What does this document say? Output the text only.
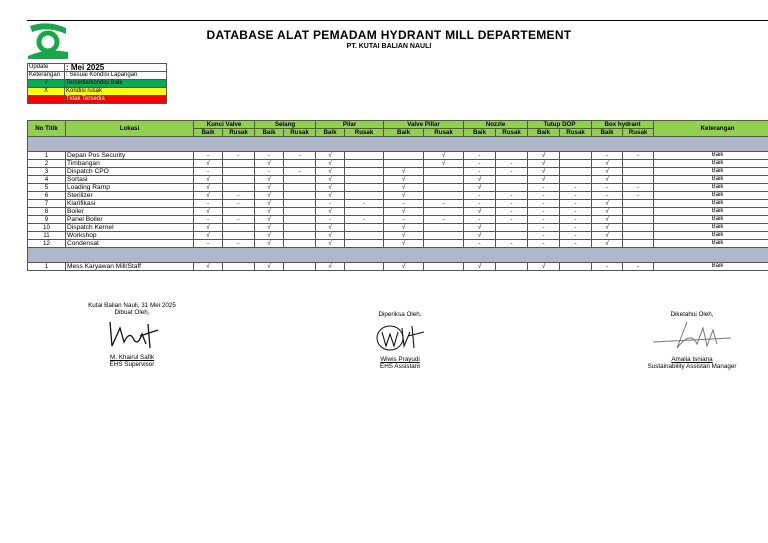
DATABASE ALAT PEMADAM HYDRANT MILL DEPARTEMENT
PT. KUTAI BALIAN NAULI
Update	: Mei 2025
Keterangan	: Sesuai Kondisi Lapangan
√	Tersedia/kondisi Baik
X	Kondisi rusak
	Tidak Tersedia
No Titik	Lokasi	Kunci Valve		Selang		Pilar		Valve Pillar		Nozzle		Tutup DOP		Box hydrant		Keterangan
		Baik	Rusak	Baik	Rusak	Baik	Rusak	Baik	Rusak	Baik	Rusak	Baik	Rusak	Baik	Rusak	

1	Depan Pos Security	-	-	-	-	√			√	-		√		-	-	Baik
2	Timbangan	√		√		√			√	-	-	√		√		Baik
3	Dispatch CPO	-		-	-	√		√		-	-	√		√		Baik
4	Sortasi	√		√		√		√		√		√		√		Baik
5	Loading Ramp	√		√		√		√		√		-	-	-	-	Baik
6	Sterilizer	√	-	√		√		√		-	-	-	-	-	-	Baik
7	Klarifikasi	-	-	√		-	-	-	-	-	-	-	-	√		Baik
8	Boiler	√		√		√		√		√	-	-	-	√		Baik
9	Panel Boiler	-	-	√		-	-	-	-	-	-	-	-	√		Baik
10	Dispatch Kernel	√		√		√		√		√		-	-	√		Baik
11	Workshop	√		√		√		√		√		-	-	√		Baik
12	Condensat	-	-	√		√		√		-	-	-	-	√		Baik

1	Mess Karyawan Mill/Staff	√		√		√		√		√		√		-	-	Baik
Kutai Balian Nauli, 31 Mei 2025
Dibuat Oleh,
M. Khairul Safik
EHS Supervisor
Diperiksa Oleh,
Wiwis Prayudi
EHS Assistant
Diketahui Oleh,
Amalia Isniana
Sustainability Assistan Manager
